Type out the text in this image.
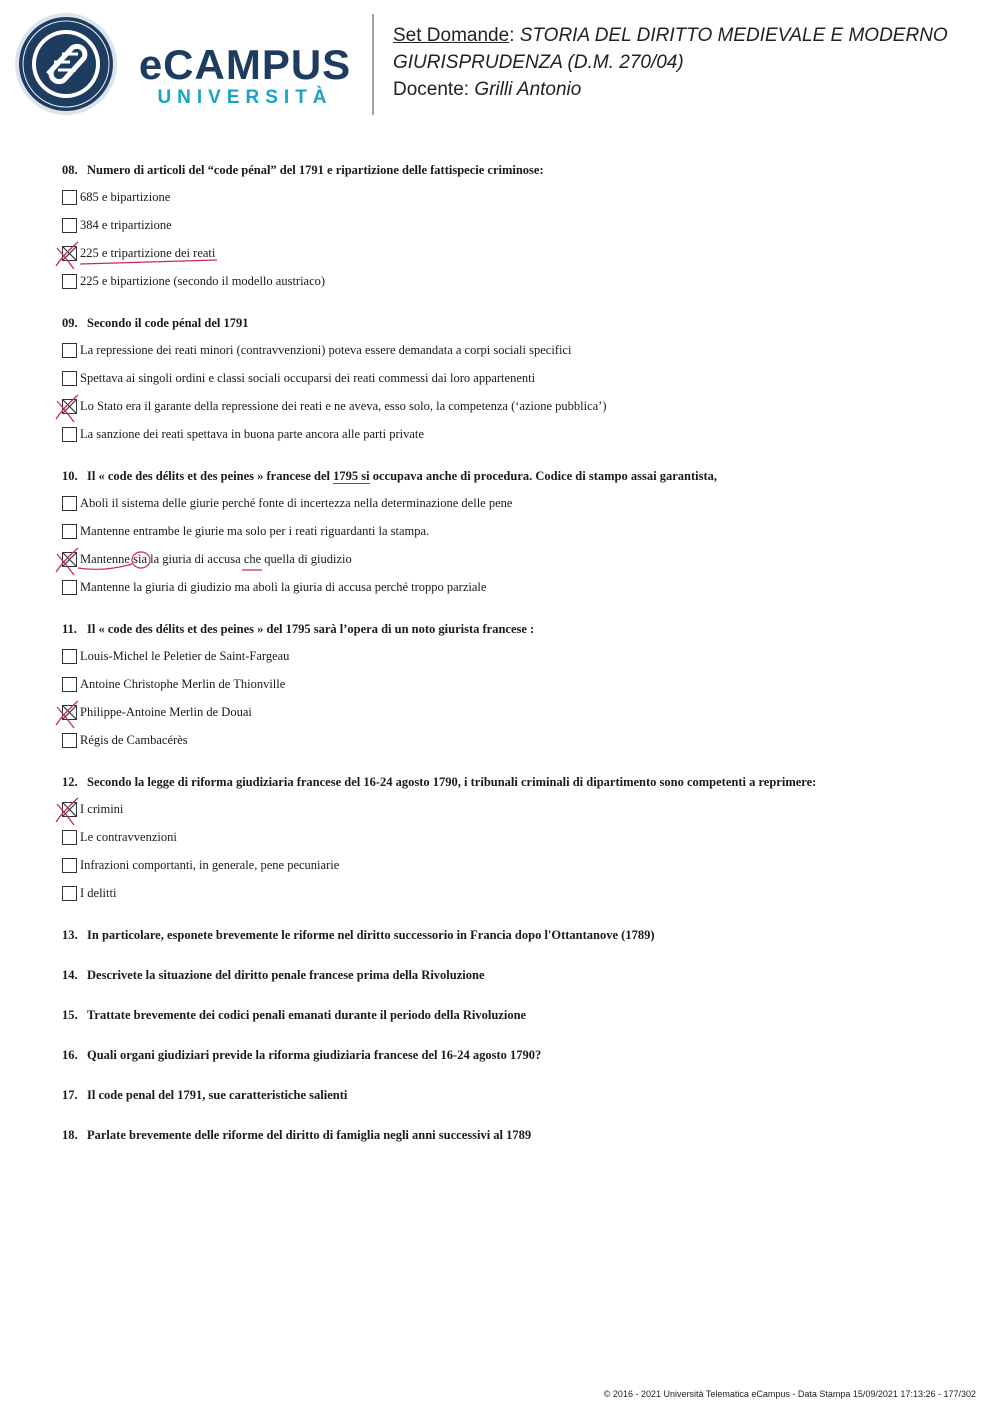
eCAMPUS
UNIVERSITÀ
Set Domande: STORIA DEL DIRITTO MEDIEVALE E MODERNO
GIURISPRUDENZA (D.M. 270/04)
Docente: Grilli Antonio
08. Numero di articoli del “code pénal” del 1791 e ripartizione delle fattispecie criminose:
685 e bipartizione
384 e tripartizione
225 e tripartizione dei reati
225 e bipartizione (secondo il modello austriaco)
09. Secondo il code pénal del 1791
La repressione dei reati minori (contravvenzioni) poteva essere demandata a corpi sociali specifici
Spettava ai singoli ordini e classi sociali occuparsi dei reati commessi dai loro appartenenti
Lo Stato era il garante della repressione dei reati e ne aveva, esso solo, la competenza (‘azione pubblica’)
La sanzione dei reati spettava in buona parte ancora alle parti private
10. Il « code des délits et des peines » francese del 1795 si occupava anche di procedura. Codice di stampo assai garantista,
Abolì il sistema delle giurie perché fonte di incertezza nella determinazione delle pene
Mantenne entrambe le giurie ma solo per i reati riguardanti la stampa.
Mantenne sia la giuria di accusa che quella di giudizio
Mantenne la giuria di giudizio ma abolì la giuria di accusa perché troppo parziale
11. Il « code des délits et des peines » del 1795 sarà l’opera di un noto giurista francese :
Louis-Michel le Peletier de Saint-Fargeau
Antoine Christophe Merlin de Thionville
Philippe-Antoine Merlin de Douai
Régis de Cambacérès
12. Secondo la legge di riforma giudiziaria francese del 16-24 agosto 1790, i tribunali criminali di dipartimento sono competenti a reprimere:
I crimini
Le contravvenzioni
Infrazioni comportanti, in generale, pene pecuniarie
I delitti
13. In particolare, esponete brevemente le riforme nel diritto successorio in Francia dopo l'Ottantanove (1789)
14. Descrivete la situazione del diritto penale francese prima della Rivoluzione
15. Trattate brevemente dei codici penali emanati durante il periodo della Rivoluzione
16. Quali organi giudiziari previde la riforma giudiziaria francese del 16-24 agosto 1790?
17. Il code penal del 1791, sue caratteristiche salienti
18. Parlate brevemente delle riforme del diritto di famiglia negli anni successivi al 1789
© 2016 - 2021 Università Telematica eCampus - Data Stampa 15/09/2021 17:13:26 - 177/302
